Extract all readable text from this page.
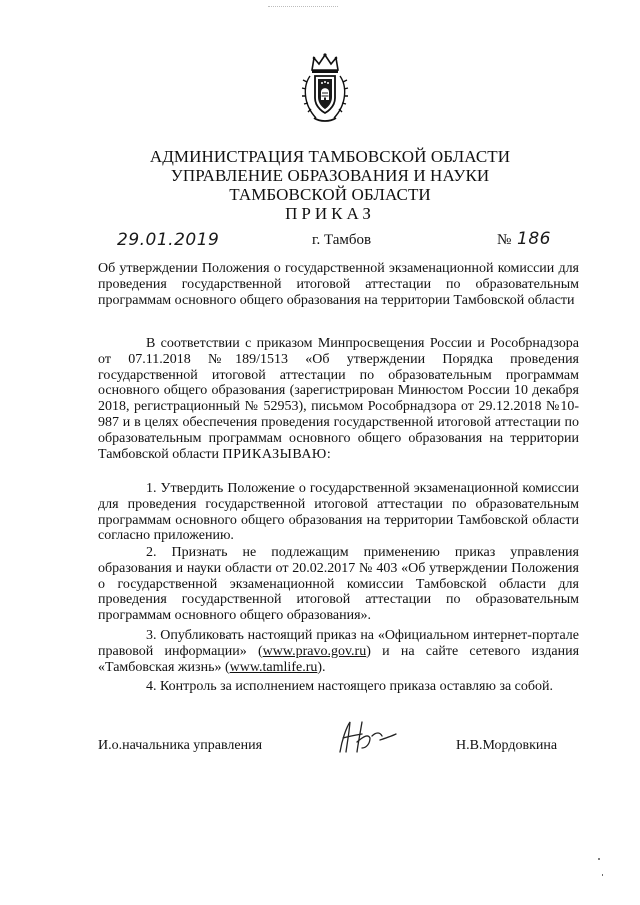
АДМИНИСТРАЦИЯ ТАМБОВСКОЙ ОБЛАСТИ
УПРАВЛЕНИЕ ОБРАЗОВАНИЯ И НАУКИ
ТАМБОВСКОЙ ОБЛАСТИ
ПРИКАЗ
29.01.2019	г. Тамбов	№ 186
Об утверждении Положения о государственной экзаменационной комиссии для проведения государственной итоговой аттестации по образовательным программам основного общего образования на территории Тамбовской области
В соответствии с приказом Минпросвещения России и Рособрнадзора от 07.11.2018 №189/1513 «Об утверждении Порядка проведения государственной итоговой аттестации по образовательным программам основного общего образования (зарегистрирован Минюстом России 10 декабря 2018, регистрационный № 52953), письмом Рособрнадзора от 29.12.2018 №10-987 и в целях обеспечения проведения государственной итоговой аттестации по образовательным программам основного общего образования на территории Тамбовской области ПРИКАЗЫВАЮ:
1. Утвердить Положение о государственной экзаменационной комиссии для проведения государственной итоговой аттестации по образовательным программам основного общего образования на территории Тамбовской области согласно приложению.
2. Признать не подлежащим применению приказ управления образования и науки области от 20.02.2017 № 403 «Об утверждении Положения о государственной экзаменационной комиссии Тамбовской области для проведения государственной итоговой аттестации по образовательным программам основного общего образования».
3. Опубликовать настоящий приказ на «Официальном интернет-портале правовой информации» (www.pravo.gov.ru) и на сайте сетевого издания «Тамбовская жизнь» (www.tamlife.ru).
4. Контроль за исполнением настоящего приказа оставляю за собой.
И.о.начальника управления	Н.В.Мордовкина
